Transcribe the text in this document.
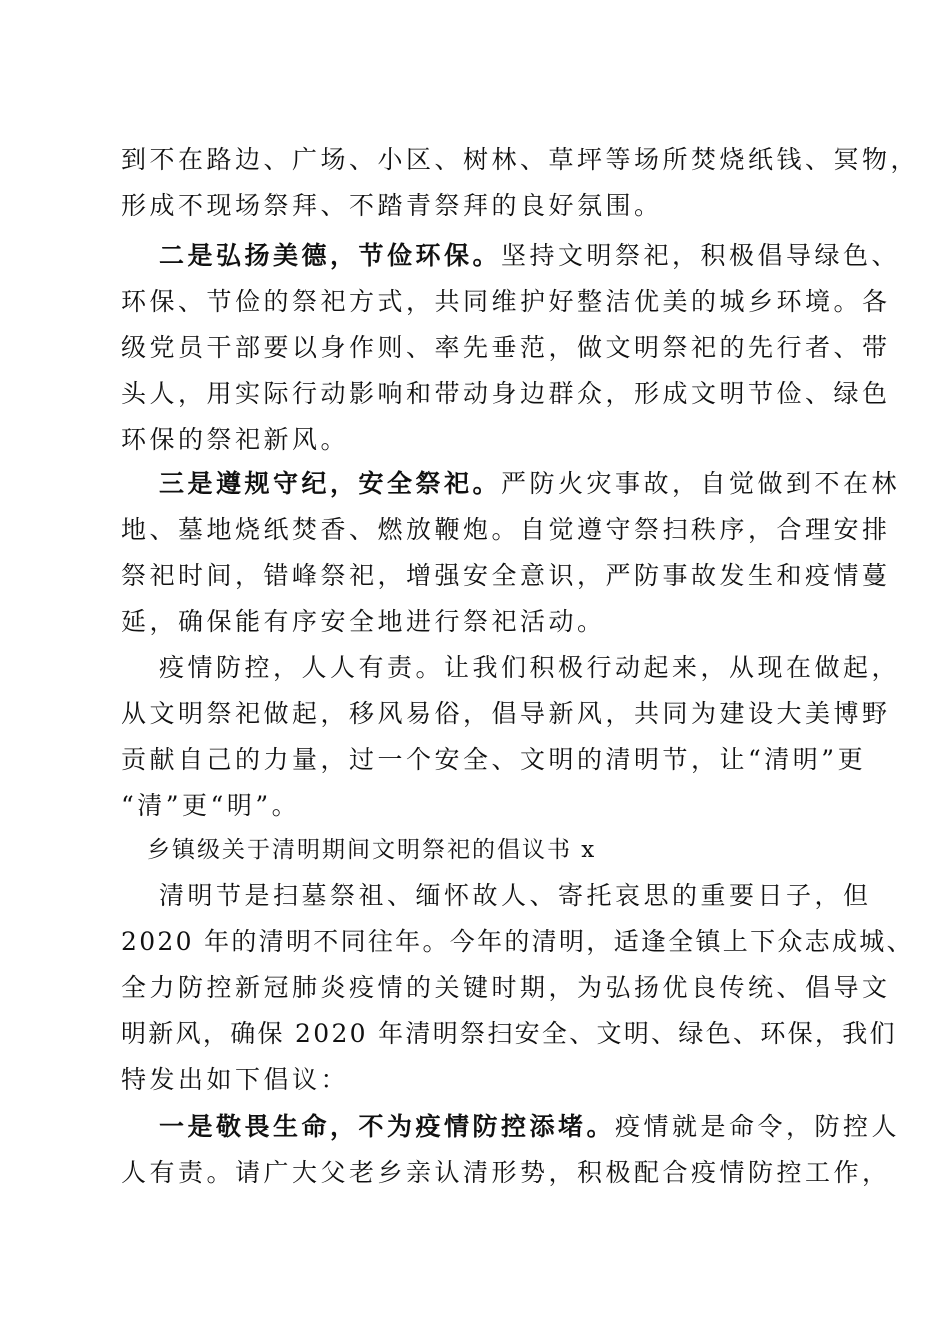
到不在路边、广场、小区、树林、草坪等场所焚烧纸钱、冥物，
形成不现场祭拜、不踏青祭拜的良好氛围。
二是弘扬美德，节俭环保。坚持文明祭祀，积极倡导绿色、
环保、节俭的祭祀方式，共同维护好整洁优美的城乡环境。各
级党员干部要以身作则、率先垂范，做文明祭祀的先行者、带
头人，用实际行动影响和带动身边群众，形成文明节俭、绿色
环保的祭祀新风。
三是遵规守纪，安全祭祀。严防火灾事故，自觉做到不在林
地、墓地烧纸焚香、燃放鞭炮。自觉遵守祭扫秩序，合理安排
祭祀时间，错峰祭祀，增强安全意识，严防事故发生和疫情蔓
延，确保能有序安全地进行祭祀活动。
疫情防控，人人有责。让我们积极行动起来，从现在做起，
从文明祭祀做起，移风易俗，倡导新风，共同为建设大美博野
贡献自己的力量，过一个安全、文明的清明节，让“清明”更
“清”更“明”。
乡镇级关于清明期间文明祭祀的倡议书 x
清明节是扫墓祭祖、缅怀故人、寄托哀思的重要日子，但
2020 年的清明不同往年。今年的清明，适逢全镇上下众志成城、
全力防控新冠肺炎疫情的关键时期，为弘扬优良传统、倡导文
明新风，确保 2020 年清明祭扫安全、文明、绿色、环保，我们
特发出如下倡议：
一是敬畏生命，不为疫情防控添堵。疫情就是命令，防控人
人有责。请广大父老乡亲认清形势，积极配合疫情防控工作，
